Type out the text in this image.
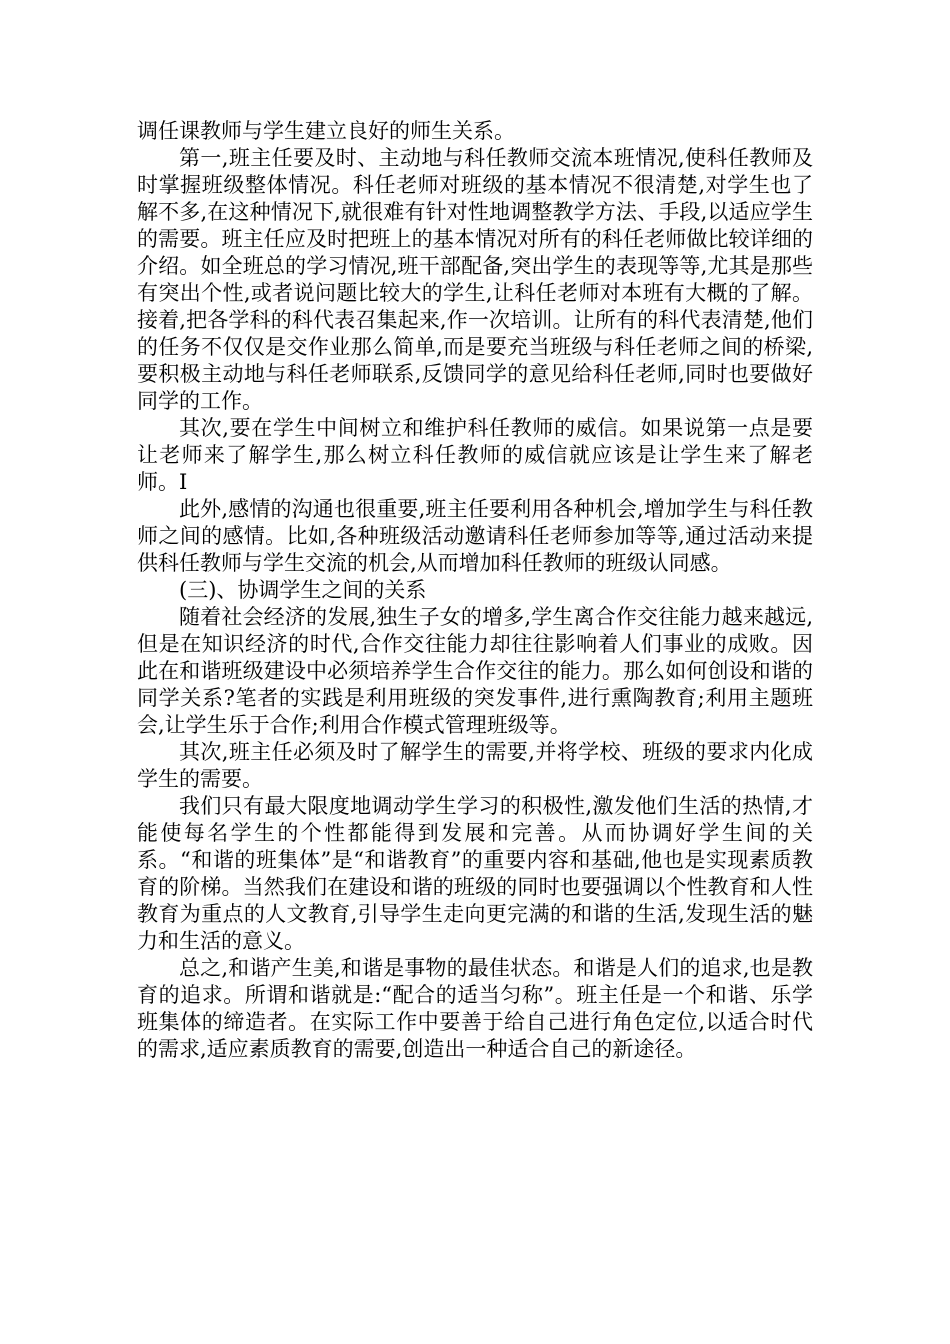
调任课教师与学生建立良好的师生关系。

第一,班主任要及时、主动地与科任教师交流本班情况,使科任教师及时掌握班级整体情况。科任老师对班级的基本情况不很清楚,对学生也了解不多,在这种情况下,就很难有针对性地调整教学方法、手段,以适应学生的需要。班主任应及时把班上的基本情况对所有的科任老师做比较详细的介绍。如全班总的学习情况,班干部配备,突出学生的表现等等,尤其是那些有突出个性,或者说问题比较大的学生,让科任老师对本班有大概的了解。接着,把各学科的科代表召集起来,作一次培训。让所有的科代表清楚,他们的任务不仅仅是交作业那么简单,而是要充当班级与科任老师之间的桥梁,要积极主动地与科任老师联系,反馈同学的意见给科任老师,同时也要做好同学的工作。

其次,要在学生中间树立和维护科任教师的威信。如果说第一点是要让老师来了解学生,那么树立科任教师的威信就应该是让学生来了解老师。I

此外,感情的沟通也很重要,班主任要利用各种机会,增加学生与科任教师之间的感情。比如,各种班级活动邀请科任老师参加等等,通过活动来提供科任教师与学生交流的机会,从而增加科任教师的班级认同感。

(三)、协调学生之间的关系

随着社会经济的发展,独生子女的增多,学生离合作交往能力越来越远,但是在知识经济的时代,合作交往能力却往往影响着人们事业的成败。因此在和谐班级建设中必须培养学生合作交往的能力。那么如何创设和谐的同学关系?笔者的实践是利用班级的突发事件,进行熏陶教育;利用主题班会,让学生乐于合作;利用合作模式管理班级等。

其次,班主任必须及时了解学生的需要,并将学校、班级的要求内化成学生的需要。

我们只有最大限度地调动学生学习的积极性,激发他们生活的热情,才能使每名学生的个性都能得到发展和完善。从而协调好学生间的关系。“和谐的班集体”是“和谐教育”的重要内容和基础,他也是实现素质教育的阶梯。当然我们在建设和谐的班级的同时也要强调以个性教育和人性教育为重点的人文教育,引导学生走向更完满的和谐的生活,发现生活的魅力和生活的意义。

总之,和谐产生美,和谐是事物的最佳状态。和谐是人们的追求,也是教育的追求。所谓和谐就是:“配合的适当匀称”。班主任是一个和谐、乐学班集体的缔造者。在实际工作中要善于给自己进行角色定位,以适合时代的需求,适应素质教育的需要,创造出一种适合自己的新途径。
